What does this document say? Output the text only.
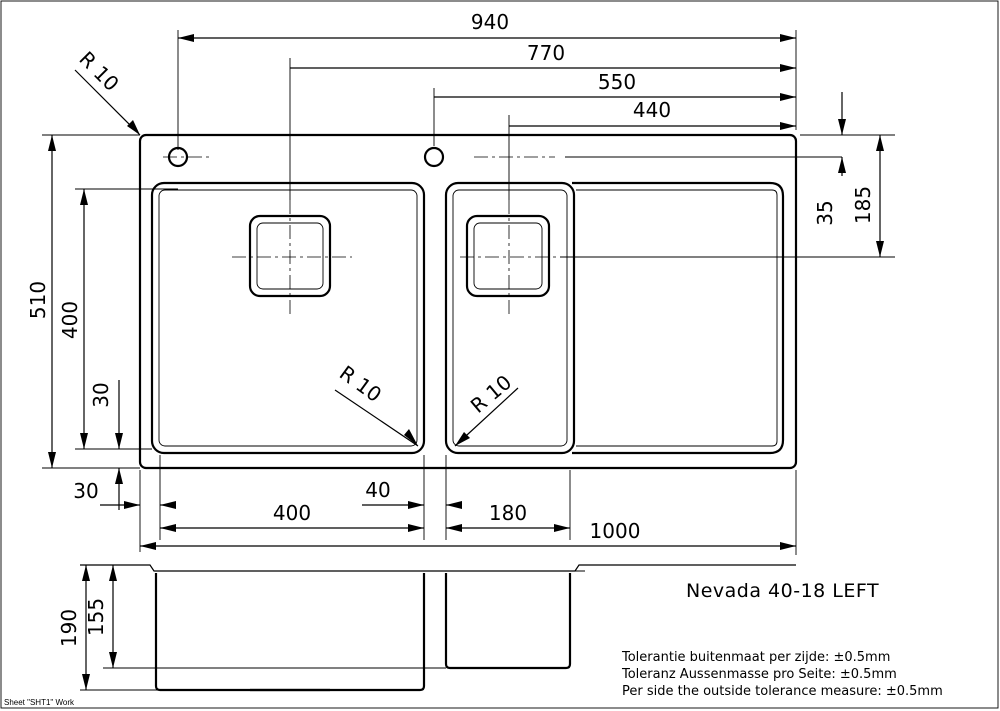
940
770
550
440
R 10
35 185
510
400
30	R 10	R 10
30	40
400	180
1000
190 155
Nevada 40-18 LEFT
Tolerantie buitenmaat per zijde: ±0.5mm
Toleranz Aussenmasse pro Seite: ±0.5mm
Per side the outside tolerance measure: ±0.5mm
Sheet "SHT1" Work
